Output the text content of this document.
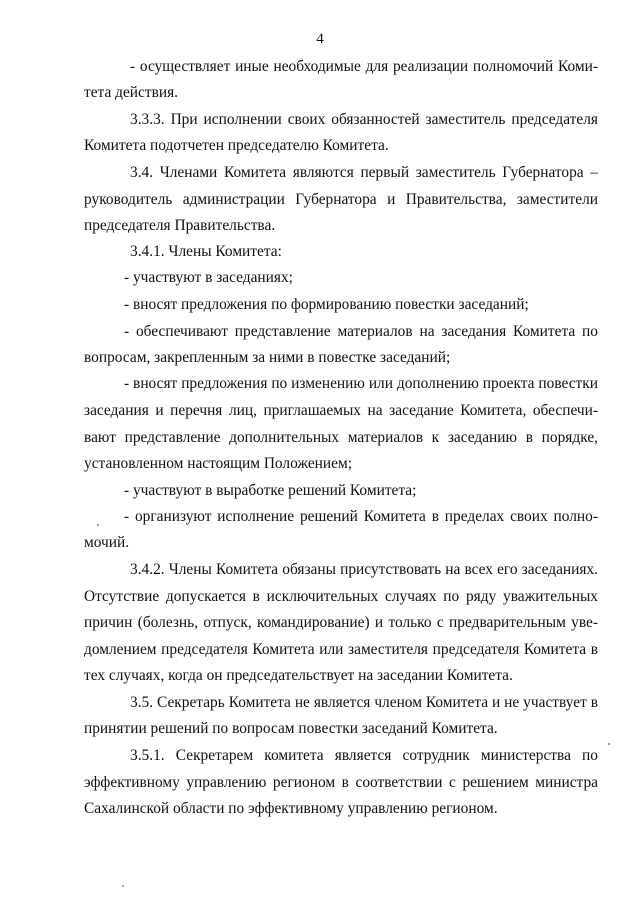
4
- осуществляет иные необходимые для реализации полномочий Коми-
тета действия.
3.3.3. При исполнении своих обязанностей заместитель председателя
Комитета подотчетен председателю Комитета.
3.4. Членами Комитета являются первый заместитель Губернатора –
руководитель администрации Губернатора и Правительства, заместители
председателя Правительства.
3.4.1. Члены Комитета:
- участвуют в заседаниях;
- вносят предложения по формированию повестки заседаний;
- обеспечивают представление материалов на заседания Комитета по
вопросам, закрепленным за ними в повестке заседаний;
- вносят предложения по изменению или дополнению проекта повестки
заседания и перечня лиц, приглашаемых на заседание Комитета, обеспечи-
вают представление дополнительных материалов к заседанию в порядке,
установленном настоящим Положением;
- участвуют в выработке решений Комитета;
- организуют исполнение решений Комитета в пределах своих полно-
мочий.
3.4.2. Члены Комитета обязаны присутствовать на всех его заседаниях.
Отсутствие допускается в исключительных случаях по ряду уважительных
причин (болезнь, отпуск, командирование) и только с предварительным уве-
домлением председателя Комитета или заместителя председателя Комитета в
тех случаях, когда он председательствует на заседании Комитета.
3.5. Секретарь Комитета не является членом Комитета и не участвует в
принятии решений по вопросам повестки заседаний Комитета.
3.5.1. Секретарем комитета является сотрудник министерства по
эффективному управлению регионом в соответствии с решением министра
Сахалинской области по эффективному управлению регионом.
